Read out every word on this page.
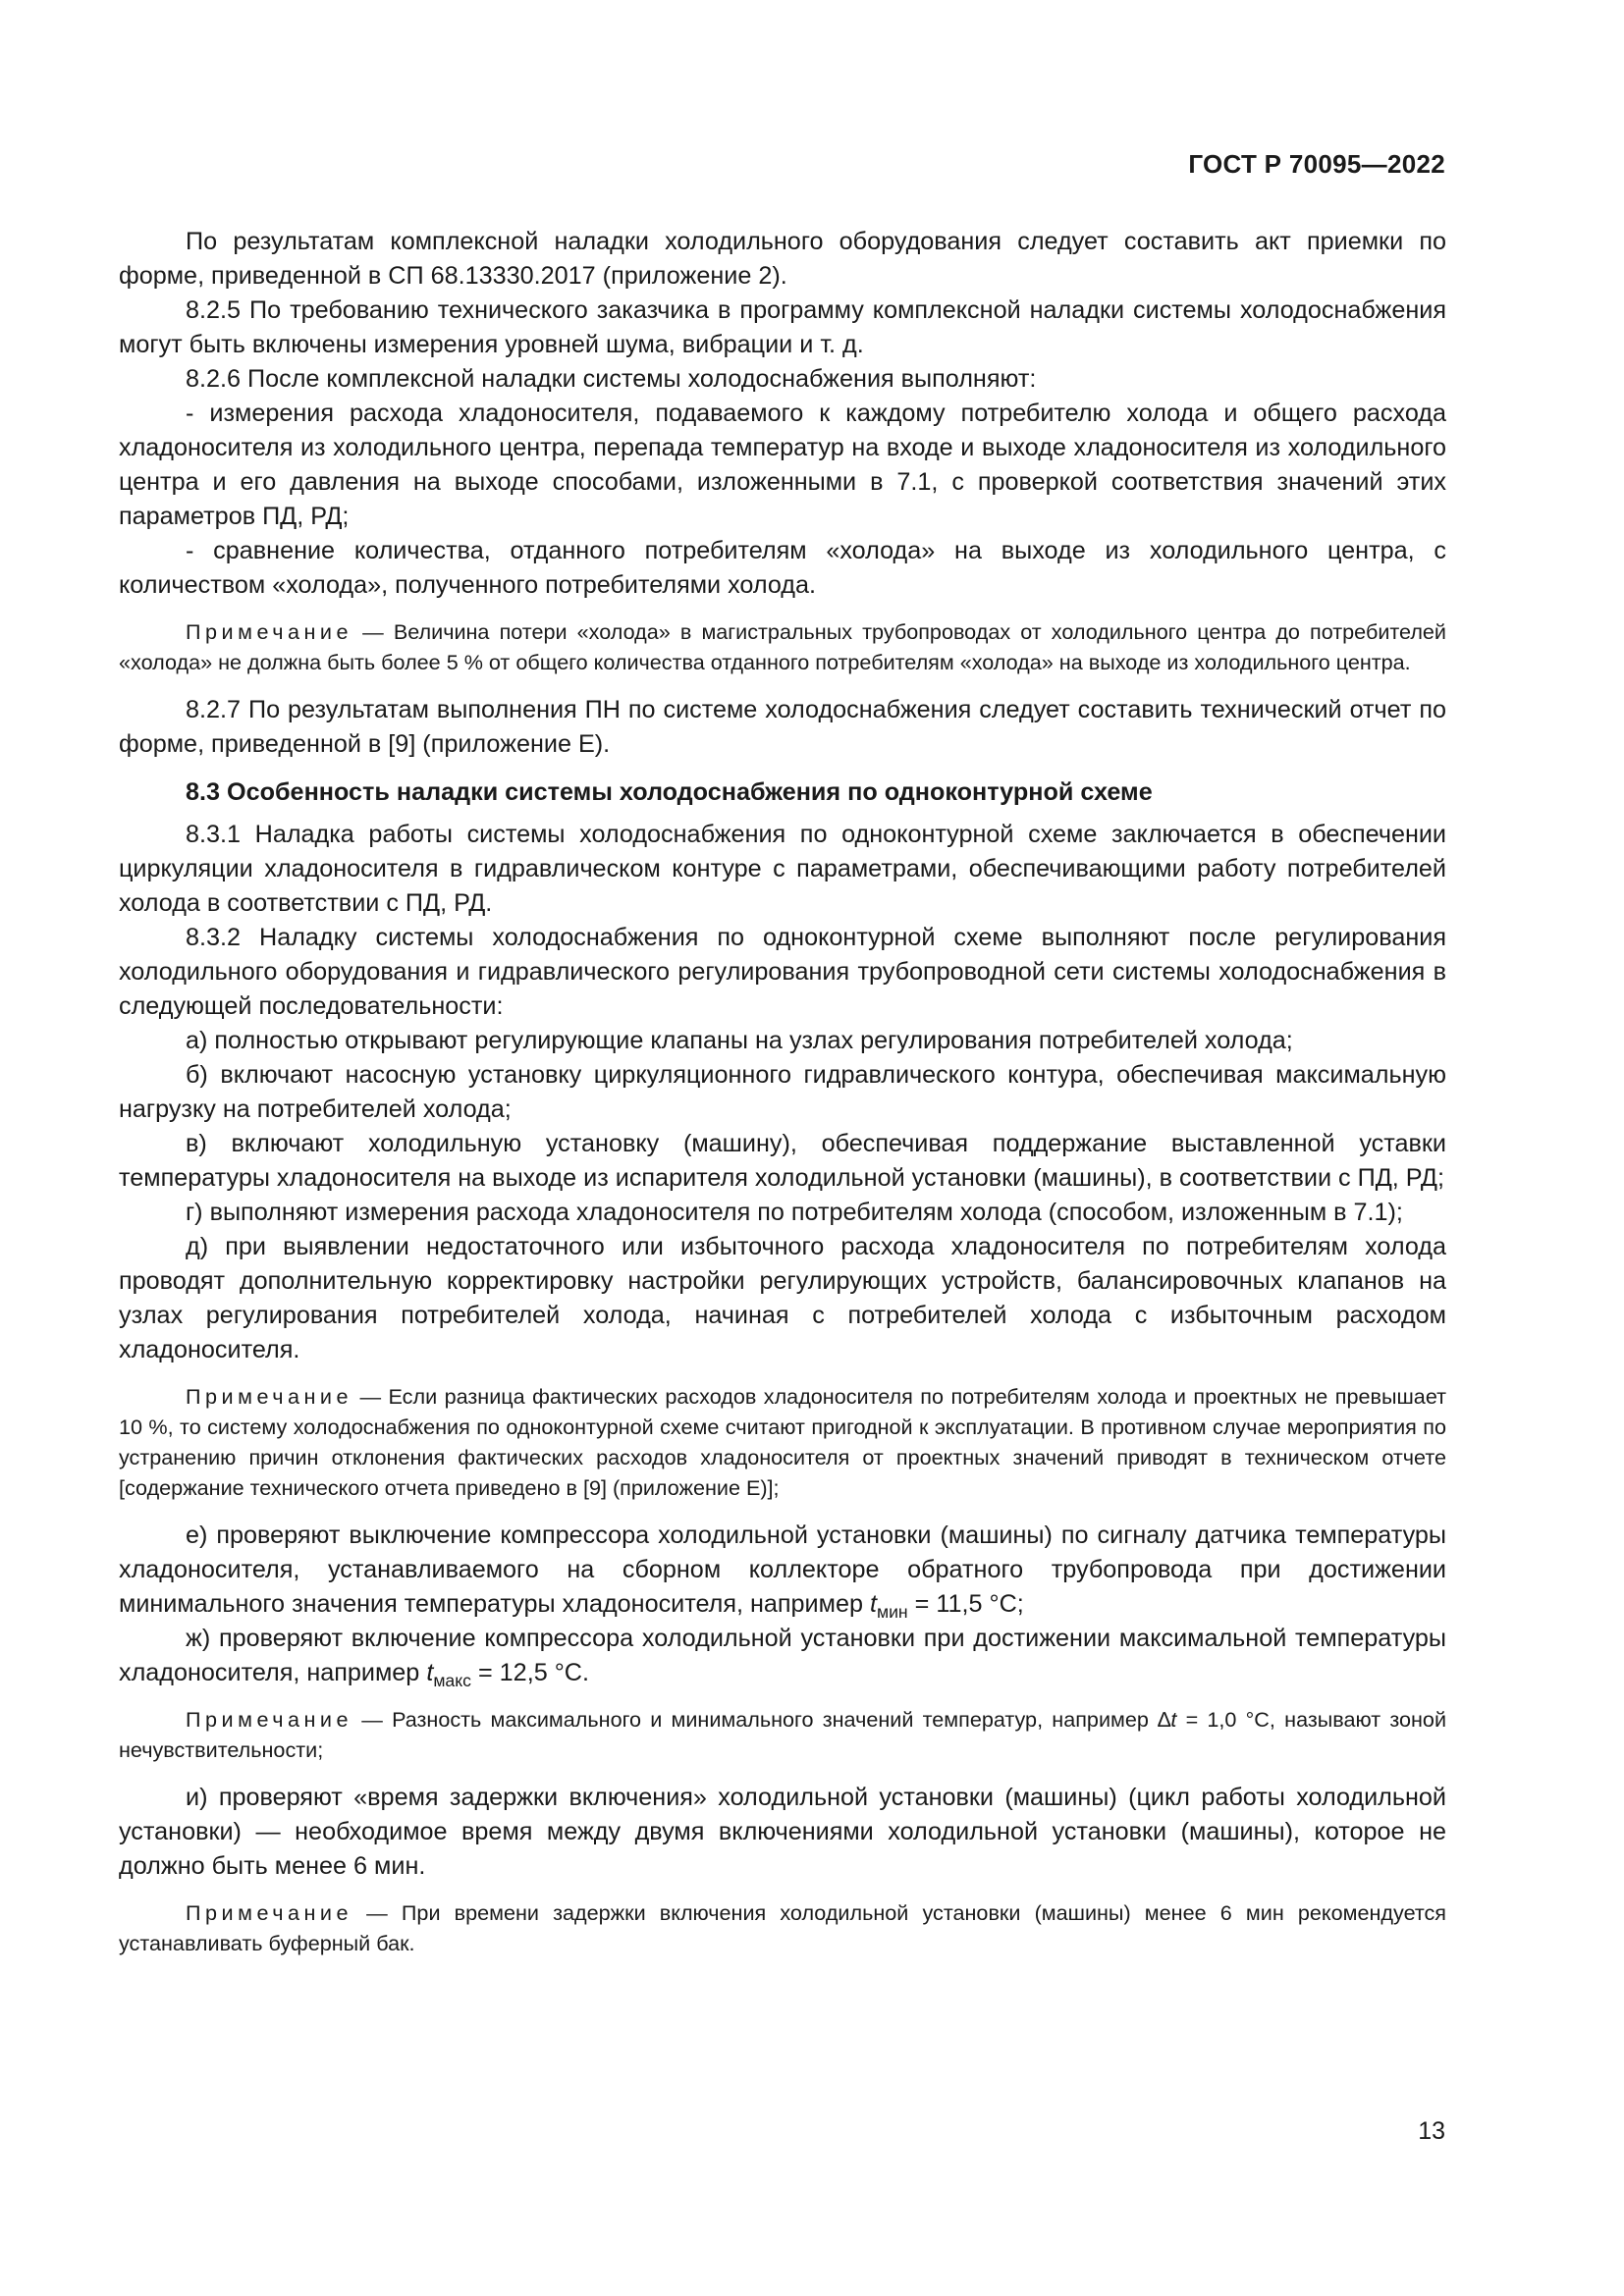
ГОСТ Р 70095—2022

По результатам комплексной наладки холодильного оборудования следует составить акт приемки по форме, приведенной в СП 68.13330.2017 (приложение 2).

8.2.5 По требованию технического заказчика в программу комплексной наладки системы холодоснабжения могут быть включены измерения уровней шума, вибрации и т. д.

8.2.6 После комплексной наладки системы холодоснабжения выполняют:

- измерения расхода хладоносителя, подаваемого к каждому потребителю холода и общего расхода хладоносителя из холодильного центра, перепада температур на входе и выходе хладоносителя из холодильного центра и его давления на выходе способами, изложенными в 7.1, с проверкой соответствия значений этих параметров ПД, РД;

- сравнение количества, отданного потребителям «холода» на выходе из холодильного центра, с количеством «холода», полученного потребителями холода.

Примечание — Величина потери «холода» в магистральных трубопроводах от холодильного центра до потребителей «холода» не должна быть более 5 % от общего количества отданного потребителям «холода» на выходе из холодильного центра.

8.2.7 По результатам выполнения ПН по системе холодоснабжения следует составить технический отчет по форме, приведенной в [9] (приложение Е).

8.3 Особенность наладки системы холодоснабжения по одноконтурной схеме

8.3.1 Наладка работы системы холодоснабжения по одноконтурной схеме заключается в обеспечении циркуляции хладоносителя в гидравлическом контуре с параметрами, обеспечивающими работу потребителей холода в соответствии с ПД, РД.

8.3.2 Наладку системы холодоснабжения по одноконтурной схеме выполняют после регулирования холодильного оборудования и гидравлического регулирования трубопроводной сети системы холодоснабжения в следующей последовательности:

а) полностью открывают регулирующие клапаны на узлах регулирования потребителей холода;

б) включают насосную установку циркуляционного гидравлического контура, обеспечивая максимальную нагрузку на потребителей холода;

в) включают холодильную установку (машину), обеспечивая поддержание выставленной уставки температуры хладоносителя на выходе из испарителя холодильной установки (машины), в соответствии с ПД, РД;

г) выполняют измерения расхода хладоносителя по потребителям холода (способом, изложенным в 7.1);

д) при выявлении недостаточного или избыточного расхода хладоносителя по потребителям холода проводят дополнительную корректировку настройки регулирующих устройств, балансировочных клапанов на узлах регулирования потребителей холода, начиная с потребителей холода с избыточным расходом хладоносителя.

Примечание — Если разница фактических расходов хладоносителя по потребителям холода и проектных не превышает 10 %, то систему холодоснабжения по одноконтурной схеме считают пригодной к эксплуатации. В противном случае мероприятия по устранению причин отклонения фактических расходов хладоносителя от проектных значений приводят в техническом отчете [содержание технического отчета приведено в [9] (приложение Е)];

е) проверяют выключение компрессора холодильной установки (машины) по сигналу датчика температуры хладоносителя, устанавливаемого на сборном коллекторе обратного трубопровода при достижении минимального значения температуры хладоносителя, например $t_{мин} = 11,5$ °С;

ж) проверяют включение компрессора холодильной установки при достижении максимальной температуры хладоносителя, например $t_{макс} = 12,5$ °С.

Примечание — Разность максимального и минимального значений температур, например ∆t = 1,0 °С, называют зоной нечувствительности;

и) проверяют «время задержки включения» холодильной установки (машины) (цикл работы холодильной установки) — необходимое время между двумя включениями холодильной установки (машины), которое не должно быть менее 6 мин.

Примечание — При времени задержки включения холодильной установки (машины) менее 6 мин рекомендуется устанавливать буферный бак.

13
